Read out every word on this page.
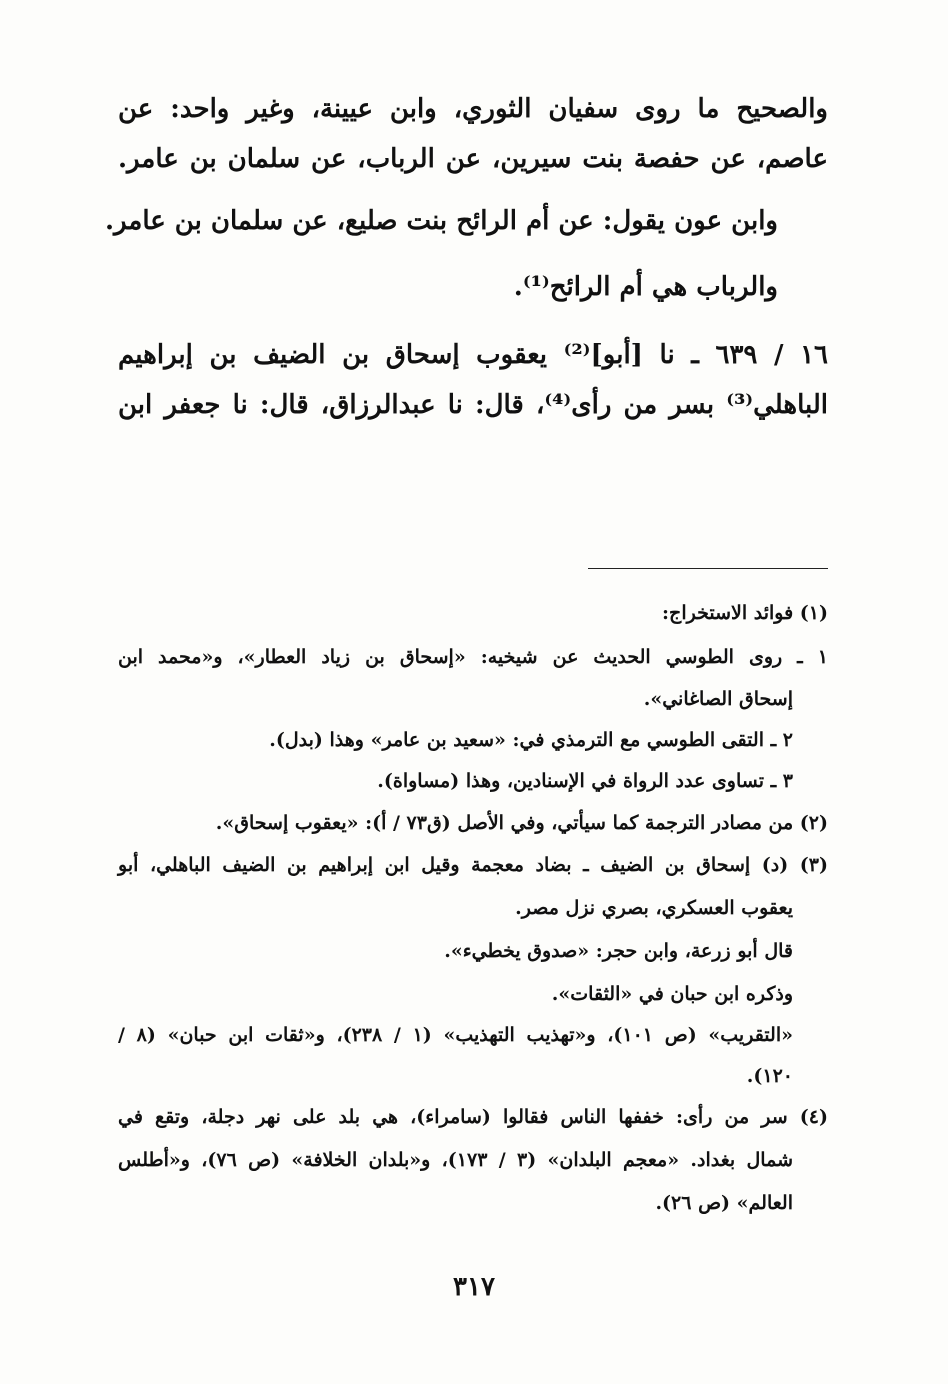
والصحيح ما روى سفيان الثوري، وابن عيينة، وغير واحد: عن
عاصم، عن حفصة بنت سيرين، عن الرباب، عن سلمان بن عامر.
وابن عون يقول: عن أم الرائح بنت صليع، عن سلمان بن عامر.
والرباب هي أم الرائح⁽¹⁾.
١٦ / ٦٣٩ ـ نا [أبو]⁽²⁾ يعقوب إسحاق بن الضيف بن إبراهيم
الباهلي⁽³⁾ بسر من رأى⁽⁴⁾، قال: نا عبدالرزاق، قال: نا جعفر ابن
(١) فوائد الاستخراج:
١ ـ روى الطوسي الحديث عن شيخيه: «إسحاق بن زياد العطار»، و«محمد ابن
إسحاق الصاغاني».
٢ ـ التقى الطوسي مع الترمذي في: «سعيد بن عامر» وهذا (بدل).
٣ ـ تساوى عدد الرواة في الإسنادين، وهذا (مساواة).
(٢) من مصادر الترجمة كما سيأتي، وفي الأصل (ق٧٣ / أ): «يعقوب إسحاق».
(٣) (د) إسحاق بن الضيف ـ بضاد معجمة وقيل ابن إبراهيم بن الضيف الباهلي، أبو
يعقوب العسكري، بصري نزل مصر.
قال أبو زرعة، وابن حجر: «صدوق يخطيء».
وذكره ابن حبان في «الثقات».
«التقريب» (ص ١٠١)، و«تهذيب التهذيب» (١ / ٢٣٨)، و«ثقات ابن حبان» (٨ /
١٢٠).
(٤) سر من رأى: خففها الناس فقالوا (سامراء)، هي بلد على نهر دجلة، وتقع في
شمال بغداد. «معجم البلدان» (٣ / ١٧٣)، و«بلدان الخلافة» (ص ٧٦)، و«أطلس
العالم» (ص ٢٦).
٣١٧
